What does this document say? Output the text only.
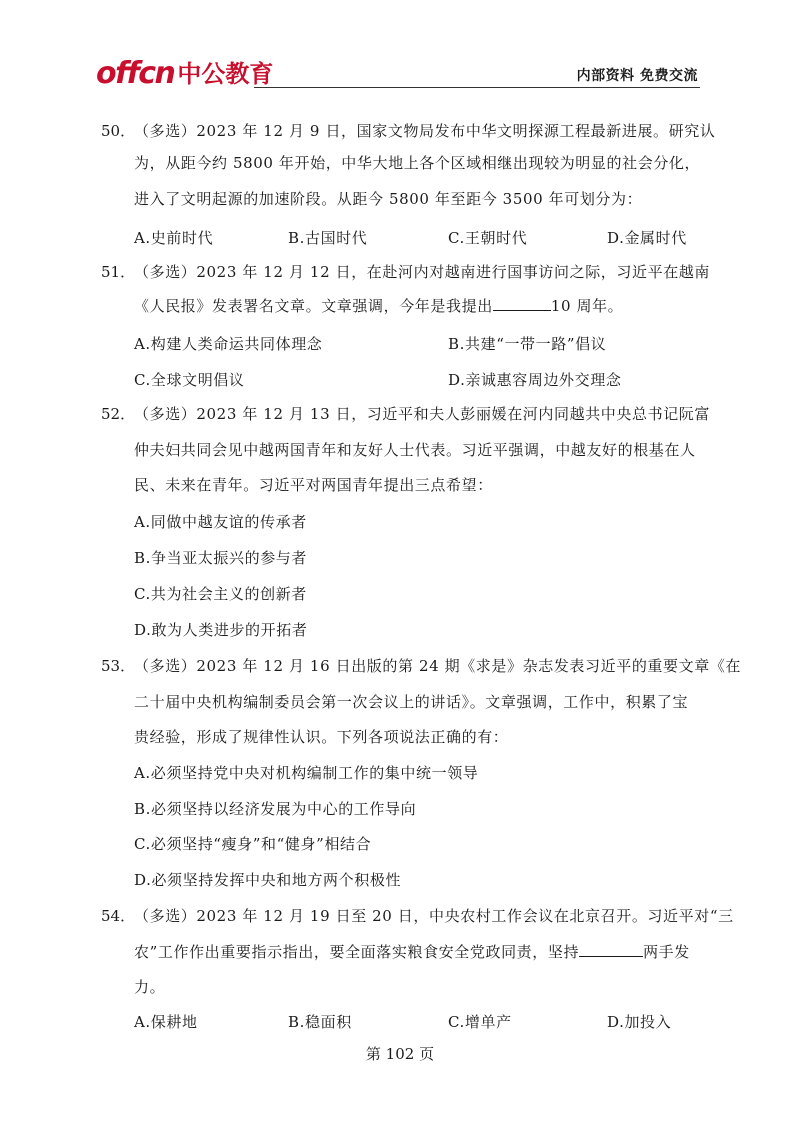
offcn 中公教育	内部资料 免费交流
50．
（多选）2023 年 12 月 9 日，国家文物局发布中华文明探源工程最新进展。研究认
为，从距今约 5800 年开始，中华大地上各个区域相继出现较为明显的社会分化，
进入了文明起源的加速阶段。从距今 5800 年至距今 3500 年可划分为：
A.史前时代	B.古国时代	C.王朝时代	D.金属时代
51．
（多选）2023 年 12 月 12 日，在赴河内对越南进行国事访问之际，习近平在越南
《人民报》发表署名文章。文章强调，今年是我提出	10 周年。
A.构建人类命运共同体理念	B.共建“一带一路”倡议
C.全球文明倡议	D.亲诚惠容周边外交理念
52．
（多选）2023 年 12 月 13 日，习近平和夫人彭丽媛在河内同越共中央总书记阮富
仲夫妇共同会见中越两国青年和友好人士代表。习近平强调，中越友好的根基在人
民、未来在青年。习近平对两国青年提出三点希望：
A.同做中越友谊的传承者
B.争当亚太振兴的参与者
C.共为社会主义的创新者
D.敢为人类进步的开拓者
53．
（多选）2023 年 12 月 16 日出版的第 24 期《求是》杂志发表习近平的重要文章《在
二十届中央机构编制委员会第一次会议上的讲话》。文章强调，工作中，积累了宝
贵经验，形成了规律性认识。下列各项说法正确的有：
A.必须坚持党中央对机构编制工作的集中统一领导
B.必须坚持以经济发展为中心的工作导向
C.必须坚持“瘦身”和“健身”相结合
D.必须坚持发挥中央和地方两个积极性
54．
（多选）2023 年 12 月 19 日至 20 日，中央农村工作会议在北京召开。习近平对“三
农”工作作出重要指示指出，要全面落实粮食安全党政同责，坚持	两手发
力。
A.保耕地	B.稳面积	C.增单产	D.加投入
第 102 页
